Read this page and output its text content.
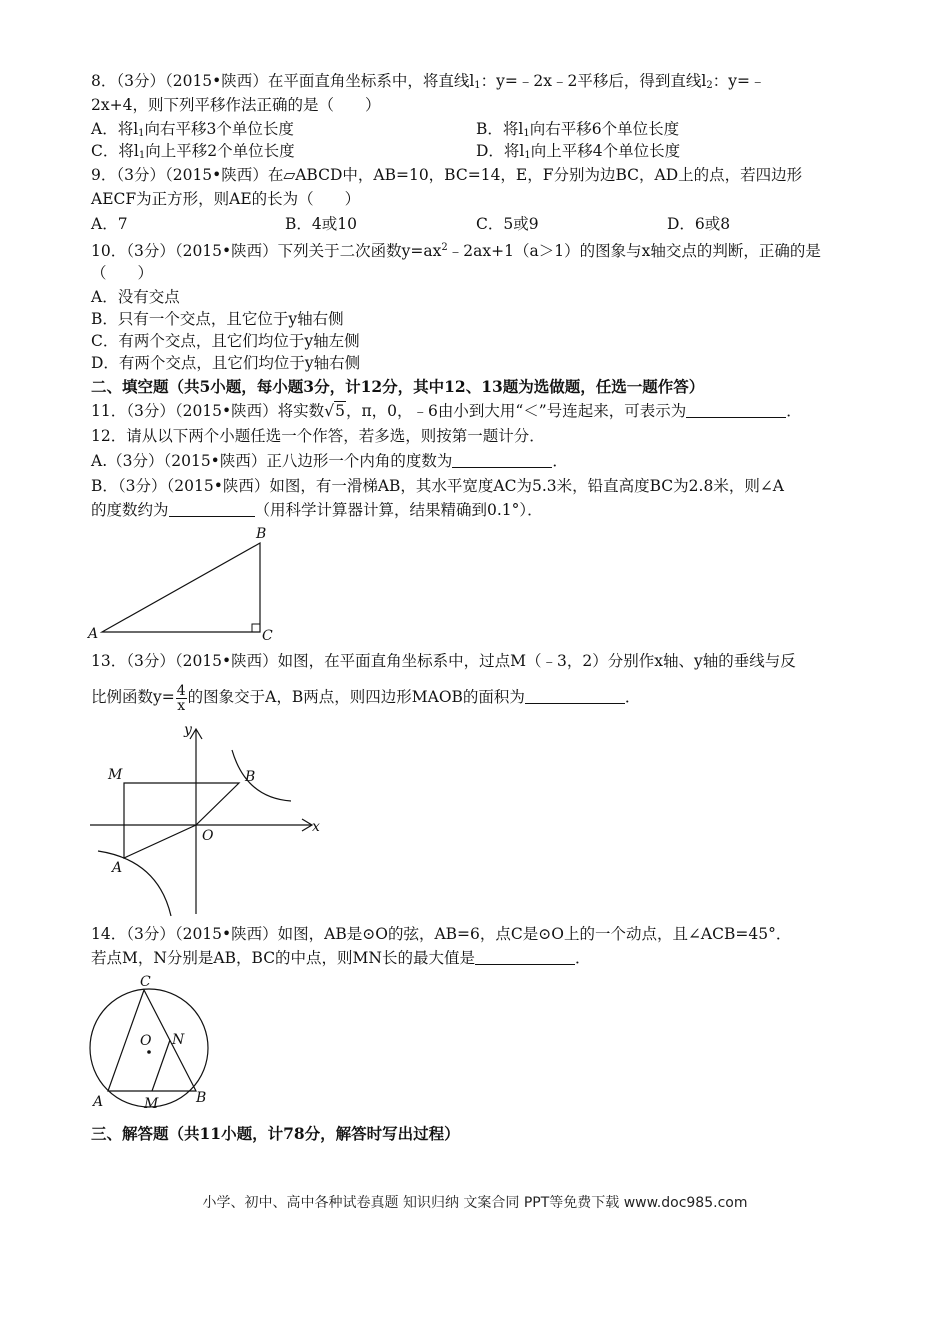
8．（3分）（2015•陕西）在平面直角坐标系中，将直线$l_1$：y=﹣2x﹣2平移后，得到直线$l_2$：y=﹣
2x+4，则下列平移作法正确的是（　　）
A．将$l_1$向右平移3个单位长度	B．将$l_1$向右平移6个单位长度
C．将$l_1$向上平移2个单位长度	D．将$l_1$向上平移4个单位长度
9．（3分）（2015•陕西）在▱ABCD中，AB=10，BC=14，E，F分别为边BC，AD上的点，若四边形
AECF为正方形，则AE的长为（　　）
A．7	B．4或10	C．5或9	D．6或8
10．（3分）（2015•陕西）下列关于二次函数$y=ax^2﹣2ax+1(a>1)$的图象与x轴交点的判断，正确的是
（　　）
A．没有交点
B．只有一个交点，且它位于y轴右侧
C．有两个交点，且它们均位于y轴左侧
D．有两个交点，且它们均位于y轴右侧
二、填空题（共5小题，每小题3分，计12分，其中12、13题为选做题，任选一题作答）
11．（3分）（2015•陕西）将实数√5，π，0，﹣6由小到大用“＜”号连起来，可表示为	．
12．请从以下两个小题任选一个作答，若多选，则按第一题计分．
A.（3分）（2015•陕西）正八边形一个内角的度数为	．
B．（3分）（2015•陕西）如图，有一滑梯AB，其水平宽度AC为5.3米，铅直高度BC为2.8米，则∠A
的度数约为	（用科学计算器计算，结果精确到0.1°）．
A
B
C
13．（3分）（2015•陕西）如图，在平面直角坐标系中，过点M（﹣3，2）分别作x轴、y轴的垂线与反
比例函数$y= \frac{4}{x}$ 的图象交于A，B两点，则四边形MAOB的面积为	．
y
x
M	B
O
A
14．（3分）（2015•陕西）如图，AB是⊙O的弦，AB=6，点C是⊙O上的一个动点，且∠ACB=45°．
若点M，N分别是AB，BC的中点，则MN长的最大值是	．
C
O N
A	M	B
三、解答题（共11小题，计78分，解答时写出过程）
小学、初中、高中各种试卷真题 知识归纳 文案合同 PPT等免费下载 www.doc985.com
